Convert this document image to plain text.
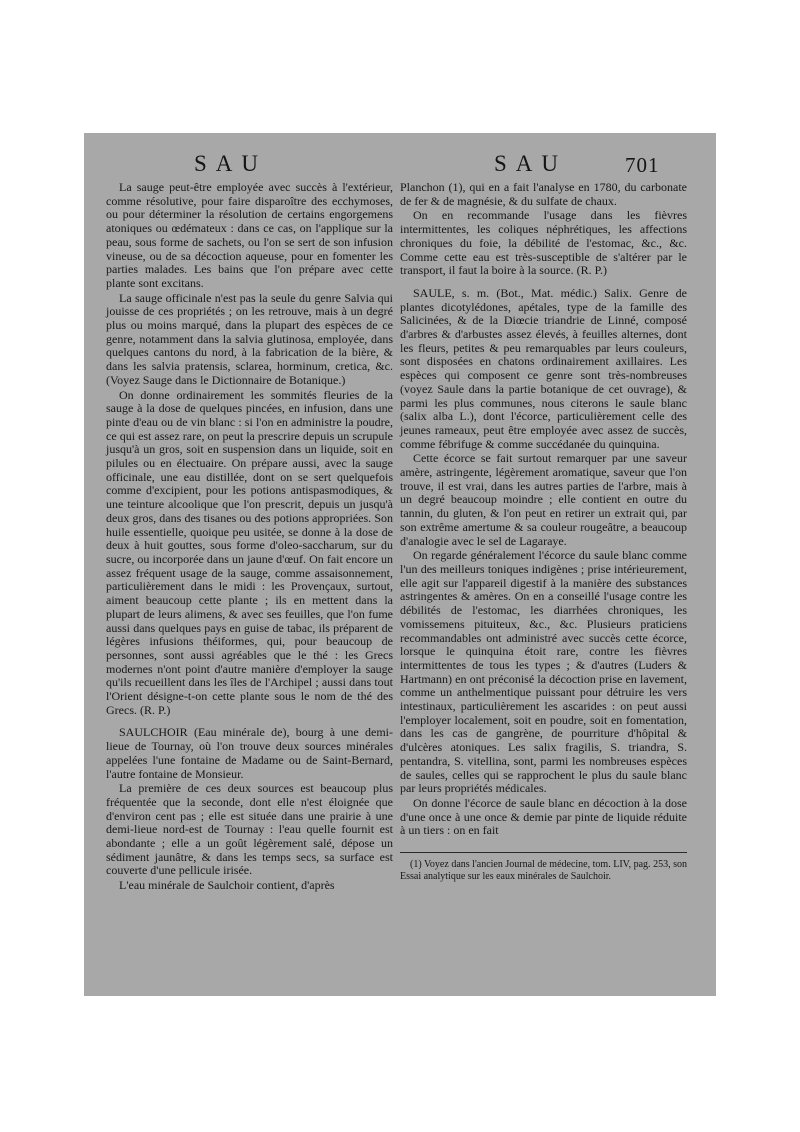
SAU	SAU	701

La sauge peut-être employée avec succès à l'extérieur, comme résolutive, pour faire disparoître des ecchymoses, ou pour déterminer la résolution de certains engorgemens atoniques ou œdémateux : dans ce cas, on l'applique sur la peau, sous forme de sachets, ou l'on se sert de son infusion vineuse, ou de sa décoction aqueuse, pour en fomenter les parties malades. Les bains que l'on prépare avec cette plante sont excitans.

La sauge officinale n'est pas la seule du genre Salvia qui jouisse de ces propriétés ; on les retrouve, mais à un degré plus ou moins marqué, dans la plupart des espèces de ce genre, notamment dans la salvia glutinosa, employée, dans quelques cantons du nord, à la fabrication de la bière, & dans les salvia pratensis, sclarea, horminum, cretica, &c. (Voyez Sauge dans le Dictionnaire de Botanique.)

On donne ordinairement les sommités fleuries de la sauge à la dose de quelques pincées, en infusion, dans une pinte d'eau ou de vin blanc : si l'on en administre la poudre, ce qui est assez rare, on peut la prescrire depuis un scrupule jusqu'à un gros, soit en suspension dans un liquide, soit en pilules ou en électuaire. On prépare aussi, avec la sauge officinale, une eau distillée, dont on se sert quelquefois comme d'excipient, pour les potions antispasmodiques, & une teinture alcoolique que l'on prescrit, depuis un jusqu'à deux gros, dans des tisanes ou des potions appropriées. Son huile essentielle, quoique peu usitée, se donne à la dose de deux à huit gouttes, sous forme d'oleo-saccharum, sur du sucre, ou incorporée dans un jaune d'œuf. On fait encore un assez fréquent usage de la sauge, comme assaisonnement, particulièrement dans le midi : les Provençaux, surtout, aiment beaucoup cette plante ; ils en mettent dans la plupart de leurs alimens, & avec ses feuilles, que l'on fume aussi dans quelques pays en guise de tabac, ils préparent de légères infusions théiformes, qui, pour beaucoup de personnes, sont aussi agréables que le thé : les Grecs modernes n'ont point d'autre manière d'employer la sauge qu'ils recueillent dans les îles de l'Archipel ; aussi dans tout l'Orient désigne-t-on cette plante sous le nom de thé des Grecs. (R. P.)

SAULCHOIR (Eau minérale de), bourg à une demi-lieue de Tournay, où l'on trouve deux sources minérales appelées l'une fontaine de Madame ou de Saint-Bernard, l'autre fontaine de Monsieur.

La première de ces deux sources est beaucoup plus fréquentée que la seconde, dont elle n'est éloignée que d'environ cent pas ; elle est située dans une prairie à une demi-lieue nord-est de Tournay : l'eau quelle fournit est abondante ; elle a un goût légèrement salé, dépose un sédiment jaunâtre, & dans les temps secs, sa surface est couverte d'une pellicule irisée.

L'eau minérale de Saulchoir contient, d'après

Planchon (1), qui en a fait l'analyse en 1780, du carbonate de fer & de magnésie, & du sulfate de chaux.

On en recommande l'usage dans les fièvres intermittentes, les coliques néphrétiques, les affections chroniques du foie, la débilité de l'estomac, &c., &c. Comme cette eau est très-susceptible de s'altérer par le transport, il faut la boire à la source. (R. P.)

SAULE, s. m. (Bot., Mat. médic.) Salix. Genre de plantes dicotylédones, apétales, type de la famille des Salicinées, & de la Diœcie triandrie de Linné, composé d'arbres & d'arbustes assez élevés, à feuilles alternes, dont les fleurs, petites & peu remarquables par leurs couleurs, sont disposées en chatons ordinairement axillaires. Les espèces qui composent ce genre sont très-nombreuses (voyez Saule dans la partie botanique de cet ouvrage), & parmi les plus communes, nous citerons le saule blanc (salix alba L.), dont l'écorce, particulièrement celle des jeunes rameaux, peut être employée avec assez de succès, comme fébrifuge & comme succédanée du quinquina.

Cette écorce se fait surtout remarquer par une saveur amère, astringente, légèrement aromatique, saveur que l'on trouve, il est vrai, dans les autres parties de l'arbre, mais à un degré beaucoup moindre ; elle contient en outre du tannin, du gluten, & l'on peut en retirer un extrait qui, par son extrême amertume & sa couleur rougeâtre, a beaucoup d'analogie avec le sel de Lagaraye.

On regarde généralement l'écorce du saule blanc comme l'un des meilleurs toniques indigènes ; prise intérieurement, elle agit sur l'appareil digestif à la manière des substances astringentes & amères. On en a conseillé l'usage contre les débilités de l'estomac, les diarrhées chroniques, les vomissemens pituiteux, &c., &c. Plusieurs praticiens recommandables ont administré avec succès cette écorce, lorsque le quinquina étoit rare, contre les fièvres intermittentes de tous les types ; & d'autres (Luders & Hartmann) en ont préconisé la décoction prise en lavement, comme un anthelmentique puissant pour détruire les vers intestinaux, particulièrement les ascarides : on peut aussi l'employer localement, soit en poudre, soit en fomentation, dans les cas de gangrène, de pourriture d'hôpital & d'ulcères atoniques. Les salix fragilis, S. triandra, S. pentandra, S. vitellina, sont, parmi les nombreuses espèces de saules, celles qui se rapprochent le plus du saule blanc par leurs propriétés médicales.

On donne l'écorce de saule blanc en décoction à la dose d'une once à une once & demie par pinte de liquide réduite à un tiers : on en fait

(1) Voyez dans l'ancien Journal de médecine, tom. LIV, pag. 253, son Essai analytique sur les eaux minérales de Saulchoir.
